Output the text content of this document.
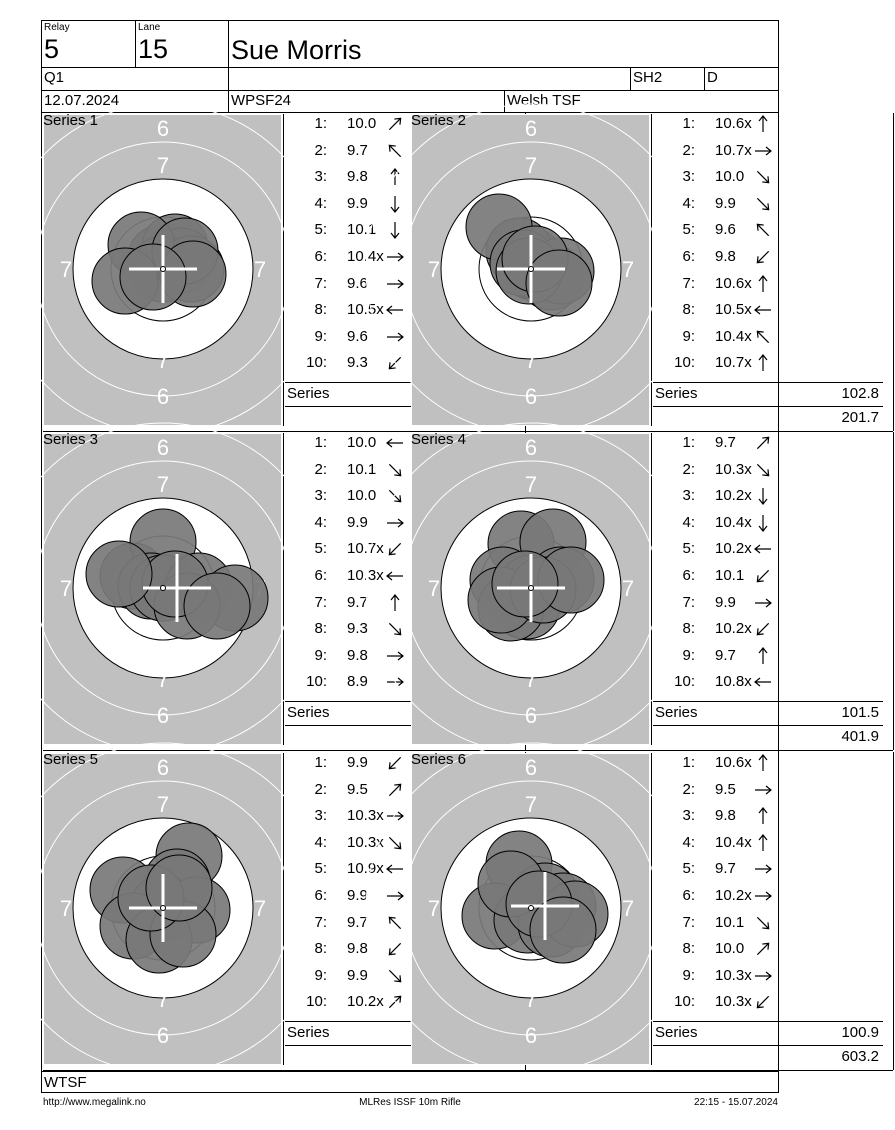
Relay
5
Lane
15 Sue Morris
Q1	SH2	D
12.07.2024	WPSF24	Welsh TSF
6
7
7
6
7	7
Series 1	1: 10.0
2: 9.7
3: 9.8
4: 9.9
5: 10.1
6: 10.4x
7: 9.6
8: 10.5x
9: 9.6
10: 9.3
Series
6
7
7
6
7	7
Series 2	1: 10.6x
2: 10.7x
3: 10.0
4: 9.9
5: 9.6
6: 9.8
7: 10.6x
8: 10.5x
9: 10.4x
10: 10.7x
Series	102.8
201.7
6
7
7
6
7
Series 3	1: 10.0
2: 10.1
3: 10.0
4: 9.9
5: 10.7x
6: 10.3x
7: 9.7
8: 9.3
9: 9.8
10: 8.9
Series
6
7
7
6
7	7
Series 4	1: 9.7
2: 10.3x
3: 10.2x
4: 10.4x
5: 10.2x
6: 10.1
7: 9.9
8: 10.2x
9: 9.7
10: 10.8x
Series	101.5
401.9
6
7
7
6
7	7
Series 5	1: 9.9
2: 9.5
3: 10.3x
4: 10.3x
5: 10.9x
6: 9.9
7: 9.7
8: 9.8
9: 9.9
10: 10.2x
Series
6
7
7
6
7	7
Series 6	1: 10.6x
2: 9.5
3: 9.8
4: 10.4x
5: 9.7
6: 10.2x
7: 10.1
8: 10.0
9: 10.3x
10: 10.3x
Series	100.9
603.2
WTSF
http://www.megalink.no	MLRes ISSF 10m Rifle	22:15 - 15.07.2024
